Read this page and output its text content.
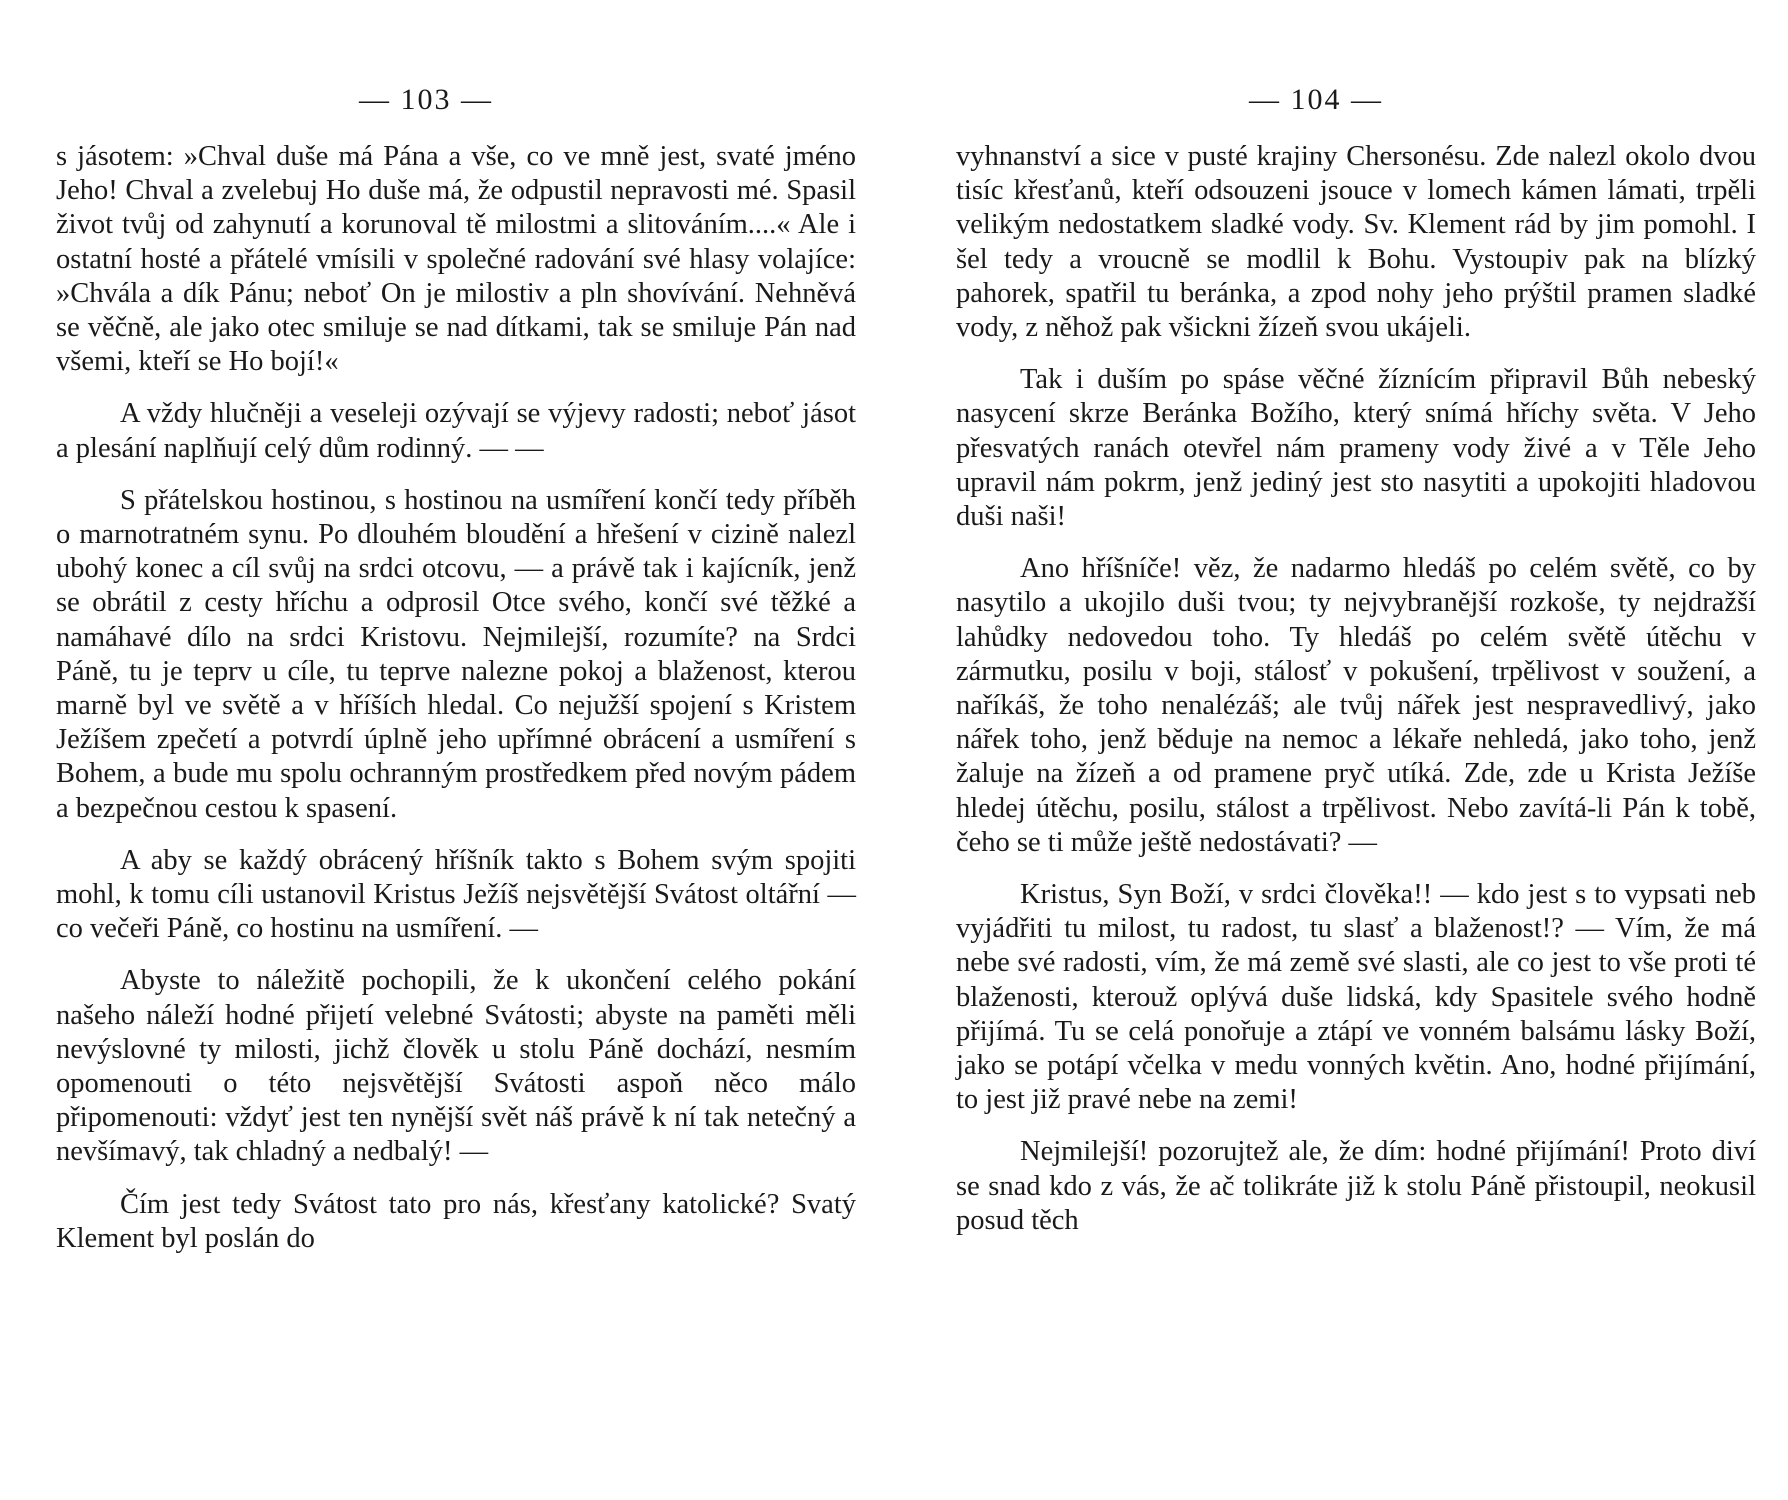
— 103 —

s jásotem: »Chval duše má Pána a vše, co ve mně jest, svaté jméno Jeho! Chval a zvelebuj Ho duše má, že odpustil nepravosti mé. Spasil život tvůj od zahynutí a korunoval tě milostmi a slitováním....« Ale i ostatní hosté a přátelé vmísili v společné radování své hlasy volajíce: »Chvála a dík Pánu; neboť On je milostiv a pln shovívání. Nehněvá se věčně, ale jako otec smiluje se nad dítkami, tak se smiluje Pán nad všemi, kteří se Ho bojí!«

A vždy hlučněji a veseleji ozývají se výjevy radosti; neboť jásot a plesání naplňují celý dům rodinný. — —

S přátelskou hostinou, s hostinou na usmíření končí tedy příběh o marnotratném synu. Po dlouhém bloudění a hřešení v cizině nalezl ubohý konec a cíl svůj na srdci otcovu, — a právě tak i kajícník, jenž se obrátil z cesty hříchu a odprosil Otce svého, končí své těžké a namáhavé dílo na srdci Kristovu. Nejmilejší, rozumíte? na Srdci Páně, tu je teprv u cíle, tu teprve nalezne pokoj a blaženost, kterou marně byl ve světě a v hříších hledal. Co nejužší spojení s Kristem Ježíšem zpečetí a potvrdí úplně jeho upřímné obrácení a usmíření s Bohem, a bude mu spolu ochranným prostředkem před novým pádem a bezpečnou cestou k spasení.

A aby se každý obrácený hříšník takto s Bohem svým spojiti mohl, k tomu cíli ustanovil Kristus Ježíš nejsvětější Svátost oltářní — co večeři Páně, co hostinu na usmíření. —

Abyste to náležitě pochopili, že k ukončení celého pokání našeho náleží hodné přijetí velebné Svátosti; abyste na paměti měli nevýslovné ty milosti, jichž člověk u stolu Páně dochází, nesmím opomenouti o této nejsvětější Svátosti aspoň něco málo připomenouti: vždyť jest ten nynější svět náš právě k ní tak netečný a nevšímavý, tak chladný a nedbalý! —

Čím jest tedy Svátost tato pro nás, křesťany katolické? Svatý Klement byl poslán do

— 104 —

vyhnanství a sice v pusté krajiny Chersonésu. Zde nalezl okolo dvou tisíc křesťanů, kteří odsouzeni jsouce v lomech kámen lámati, trpěli velikým nedostatkem sladké vody. Sv. Klement rád by jim pomohl. I šel tedy a vroucně se modlil k Bohu. Vystoupiv pak na blízký pahorek, spatřil tu beránka, a zpod nohy jeho prýštil pramen sladké vody, z něhož pak všickni žízeň svou ukájeli.

Tak i duším po spáse věčné žíznícím připravil Bůh nebeský nasycení skrze Beránka Božího, který snímá hříchy světa. V Jeho přesvatých ranách otevřel nám prameny vody živé a v Těle Jeho upravil nám pokrm, jenž jediný jest sto nasytiti a upokojiti hladovou duši naši!

Ano hříšníče! věz, že nadarmo hledáš po celém světě, co by nasytilo a ukojilo duši tvou; ty nejvybranější rozkoše, ty nejdražší lahůdky nedovedou toho. Ty hledáš po celém světě útěchu v zármutku, posilu v boji, stálosť v pokušení, trpělivost v soužení, a naříkáš, že toho nenalézáš; ale tvůj nářek jest nespravedlivý, jako nářek toho, jenž běduje na nemoc a lékaře nehledá, jako toho, jenž žaluje na žízeň a od pramene pryč utíká. Zde, zde u Krista Ježíše hledej útěchu, posilu, stálost a trpělivost. Nebo zavítá-li Pán k tobě, čeho se ti může ještě nedostávati? —

Kristus, Syn Boží, v srdci člověka!! — kdo jest s to vypsati neb vyjádřiti tu milost, tu radost, tu slasť a blaženost!? — Vím, že má nebe své radosti, vím, že má země své slasti, ale co jest to vše proti té blaženosti, kterouž oplývá duše lidská, kdy Spasitele svého hodně přijímá. Tu se celá ponořuje a ztápí ve vonném balsámu lásky Boží, jako se potápí včelka v medu vonných květin. Ano, hodné přijímání, to jest již pravé nebe na zemi!

Nejmilejší! pozorujtež ale, že dím: hodné přijímání! Proto diví se snad kdo z vás, že ač tolikráte již k stolu Páně přistoupil, neokusil posud těch
